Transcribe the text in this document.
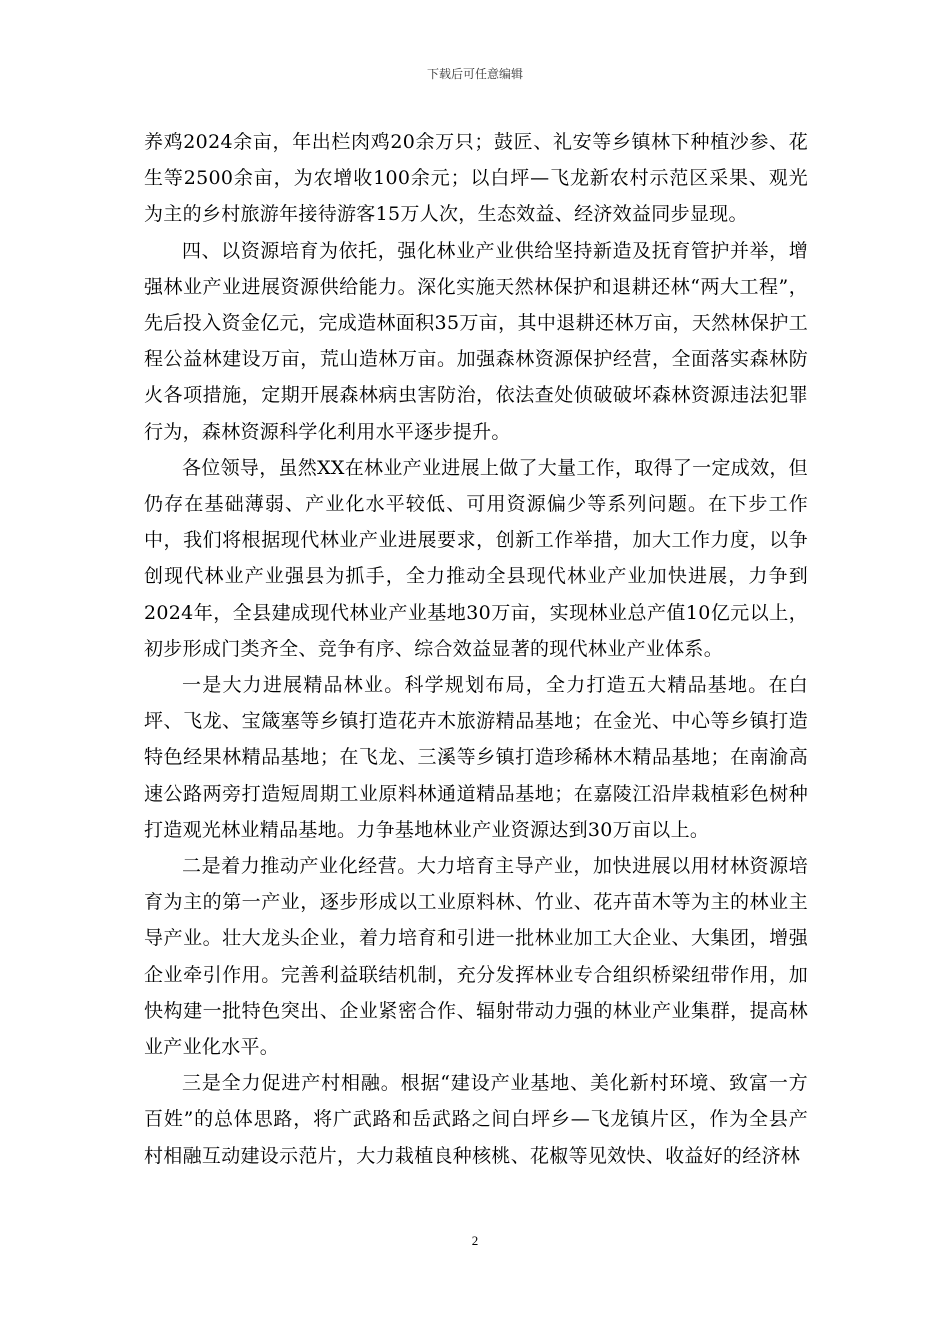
下载后可任意编辑

养鸡2024余亩，年出栏肉鸡20余万只；鼓匠、礼安等乡镇林下种植沙参、花生等2500余亩，为农增收100余元；以白坪—飞龙新农村示范区采果、观光为主的乡村旅游年接待游客15万人次，生态效益、经济效益同步显现。

四、以资源培育为依托，强化林业产业供给坚持新造及抚育管护并举，增强林业产业进展资源供给能力。深化实施天然林保护和退耕还林“两大工程”，先后投入资金亿元，完成造林面积35万亩，其中退耕还林万亩，天然林保护工程公益林建设万亩，荒山造林万亩。加强森林资源保护经营，全面落实森林防火各项措施，定期开展森林病虫害防治，依法查处侦破破坏森林资源违法犯罪行为，森林资源科学化利用水平逐步提升。

各位领导，虽然XX在林业产业进展上做了大量工作，取得了一定成效，但仍存在基础薄弱、产业化水平较低、可用资源偏少等系列问题。在下步工作中，我们将根据现代林业产业进展要求，创新工作举措，加大工作力度，以争创现代林业产业强县为抓手，全力推动全县现代林业产业加快进展，力争到2024年，全县建成现代林业产业基地30万亩，实现林业总产值10亿元以上，初步形成门类齐全、竞争有序、综合效益显著的现代林业产业体系。

一是大力进展精品林业。科学规划布局，全力打造五大精品基地。在白坪、飞龙、宝箴塞等乡镇打造花卉木旅游精品基地；在金光、中心等乡镇打造特色经果林精品基地；在飞龙、三溪等乡镇打造珍稀林木精品基地；在南渝高速公路两旁打造短周期工业原料林通道精品基地；在嘉陵江沿岸栽植彩色树种打造观光林业精品基地。力争基地林业产业资源达到30万亩以上。

二是着力推动产业化经营。大力培育主导产业，加快进展以用材林资源培育为主的第一产业，逐步形成以工业原料林、竹业、花卉苗木等为主的林业主导产业。壮大龙头企业，着力培育和引进一批林业加工大企业、大集团，增强企业牵引作用。完善利益联结机制，充分发挥林业专合组织桥梁纽带作用，加快构建一批特色突出、企业紧密合作、辐射带动力强的林业产业集群，提高林业产业化水平。

三是全力促进产村相融。根据“建设产业基地、美化新村环境、致富一方百姓”的总体思路，将广武路和岳武路之间白坪乡—飞龙镇片区，作为全县产村相融互动建设示范片，大力栽植良种核桃、花椒等见效快、收益好的经济林

2
